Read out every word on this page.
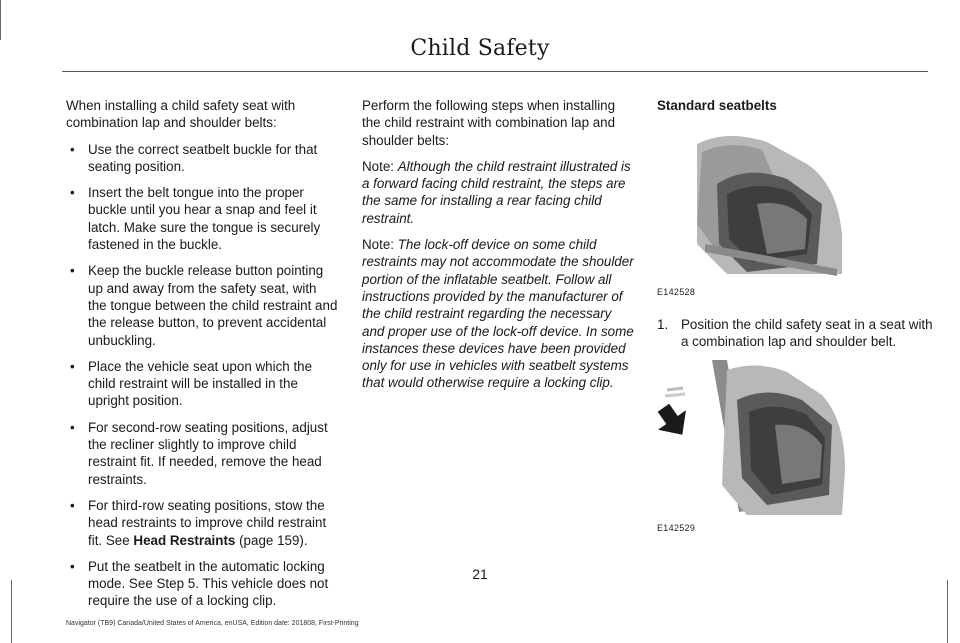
Child Safety

When installing a child safety seat with combination lap and shoulder belts:

• Use the correct seatbelt buckle for that seating position.
• Insert the belt tongue into the proper buckle until you hear a snap and feel it latch. Make sure the tongue is securely fastened in the buckle.
• Keep the buckle release button pointing up and away from the safety seat, with the tongue between the child restraint and the release button, to prevent accidental unbuckling.
• Place the vehicle seat upon which the child restraint will be installed in the upright position.
• For second-row seating positions, adjust the recliner slightly to improve child restraint fit. If needed, remove the head restraints.
• For third-row seating positions, stow the head restraints to improve child restraint fit. See Head Restraints (page 159).
• Put the seatbelt in the automatic locking mode. See Step 5. This vehicle does not require the use of a locking clip.

Perform the following steps when installing the child restraint with combination lap and shoulder belts:

Note: Although the child restraint illustrated is a forward facing child restraint, the steps are the same for installing a rear facing child restraint.

Note: The lock-off device on some child restraints may not accommodate the shoulder portion of the inflatable seatbelt. Follow all instructions provided by the manufacturer of the child restraint regarding the necessary and proper use of the lock-off device. In some instances these devices have been provided only for use in vehicles with seatbelt systems that would otherwise require a locking clip.

Standard seatbelts

E142528
1. Position the child safety seat in a seat with a combination lap and shoulder belt.
E142529
21
Navigator (TB9) Canada/United States of America, enUSA, Edition date: 201808, First-Printing
